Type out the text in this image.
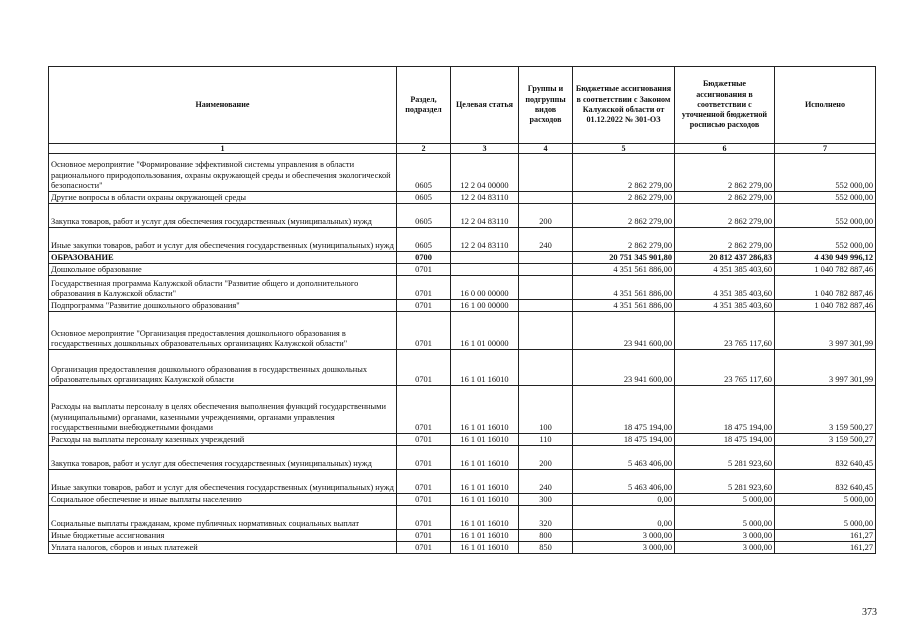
Наименование	Раздел, подраздел	Целевая статья	Группы и подгруппы видов расходов	Бюджетные ассигнования в соответствии с Законом Калужской области от 01.12.2022 № 301-ОЗ	Бюджетные ассигнования в соответствии с уточненной бюджетной росписью расходов	Исполнено
1	2	3	4	5	6	7
Основное мероприятие "Формирование эффективной системы управления в области рационального природопользования, охраны окружающей среды и обеспечения экологической безопасности"	0605	12 2 04 00000		2 862 279,00	2 862 279,00	552 000,00
Другие вопросы в области охраны окружающей среды	0605	12 2 04 83110		2 862 279,00	2 862 279,00	552 000,00
Закупка товаров, работ и услуг для обеспечения государственных (муниципальных) нужд	0605	12 2 04 83110	200	2 862 279,00	2 862 279,00	552 000,00
Иные закупки товаров, работ и услуг для обеспечения государственных (муниципальных) нужд	0605	12 2 04 83110	240	2 862 279,00	2 862 279,00	552 000,00
ОБРАЗОВАНИЕ	0700			20 751 345 901,80	20 812 437 286,83	4 430 949 996,12
Дошкольное образование	0701			4 351 561 886,00	4 351 385 403,60	1 040 782 887,46
Государственная программа Калужской области "Развитие общего и дополнительного образования в Калужской области"	0701	16 0 00 00000		4 351 561 886,00	4 351 385 403,60	1 040 782 887,46
Подпрограмма "Развитие дошкольного образования"	0701	16 1 00 00000		4 351 561 886,00	4 351 385 403,60	1 040 782 887,46
Основное мероприятие "Организация предоставления дошкольного образования в государственных дошкольных образовательных организациях Калужской области"	0701	16 1 01 00000		23 941 600,00	23 765 117,60	3 997 301,99
Организация предоставления дошкольного образования в государственных дошкольных образовательных организациях Калужской области	0701	16 1 01 16010		23 941 600,00	23 765 117,60	3 997 301,99
Расходы на выплаты персоналу в целях обеспечения выполнения функций государственными (муниципальными) органами, казенными учреждениями, органами управления государственными внебюджетными фондами	0701	16 1 01 16010	100	18 475 194,00	18 475 194,00	3 159 500,27
Расходы на выплаты персоналу казенных учреждений	0701	16 1 01 16010	110	18 475 194,00	18 475 194,00	3 159 500,27
Закупка товаров, работ и услуг для обеспечения государственных (муниципальных) нужд	0701	16 1 01 16010	200	5 463 406,00	5 281 923,60	832 640,45
Иные закупки товаров, работ и услуг для обеспечения государственных (муниципальных) нужд	0701	16 1 01 16010	240	5 463 406,00	5 281 923,60	832 640,45
Социальное обеспечение и иные выплаты населению	0701	16 1 01 16010	300	0,00	5 000,00	5 000,00
Социальные выплаты гражданам, кроме публичных нормативных социальных выплат	0701	16 1 01 16010	320	0,00	5 000,00	5 000,00
Иные бюджетные ассигнования	0701	16 1 01 16010	800	3 000,00	3 000,00	161,27
Уплата налогов, сборов и иных платежей	0701	16 1 01 16010	850	3 000,00	3 000,00	161,27
373
